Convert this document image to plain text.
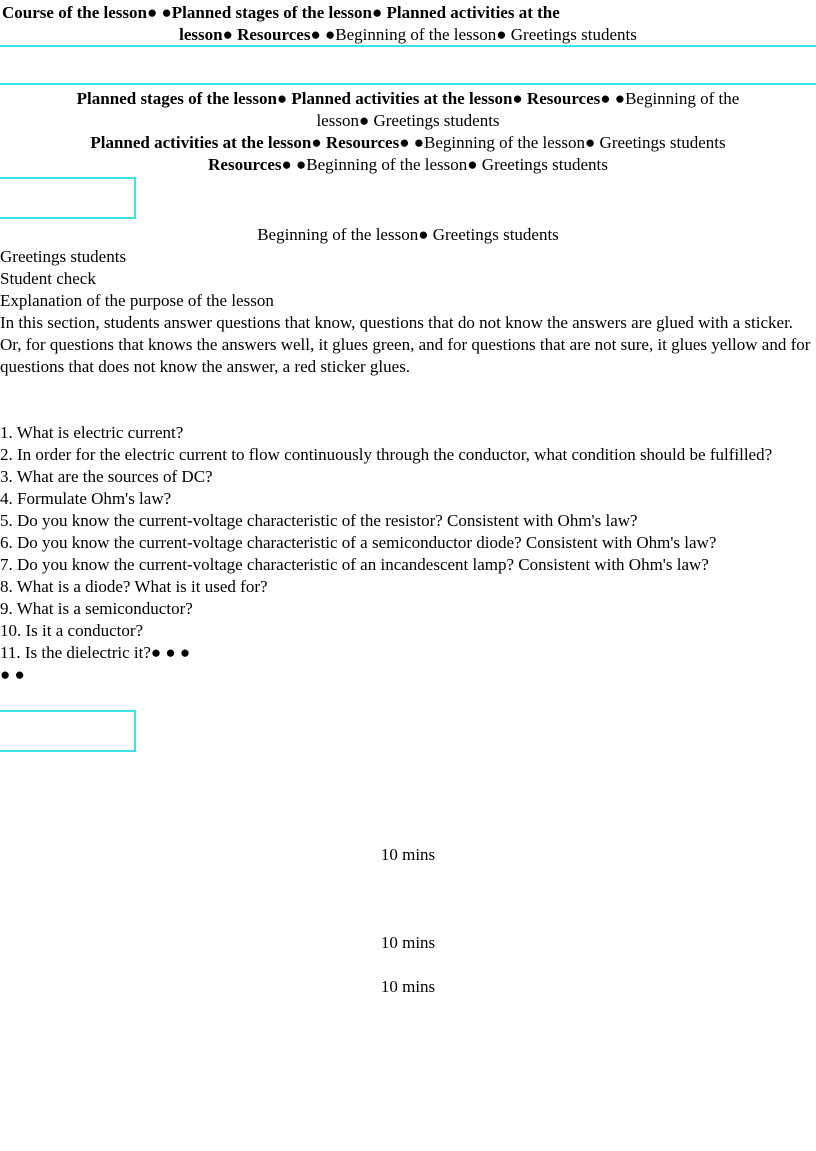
Course of the lesson● ●Planned stages of the lesson● Planned activities at the
lesson● Resources● ●Beginning of the lesson● Greetings students
Planned stages of the lesson● Planned activities at the lesson● Resources● ●Beginning of the
lesson● Greetings students
Planned activities at the lesson● Resources● ●Beginning of the lesson● Greetings students
Resources● ●Beginning of the lesson● Greetings students
Beginning of the lesson● Greetings students
Greetings students
Student check
Explanation of the purpose of the lesson
In this section, students answer questions that know, questions that do not know the answers are glued with a sticker.
Or, for questions that knows the answers well, it glues green, and for questions that are not sure, it glues yellow and for questions that does not know the answer, a red sticker glues.
1. What is electric current?
2. In order for the electric current to flow continuously through the conductor, what condition should be fulfilled?
3. What are the sources of DC?
4. Formulate Ohm's law?
5. Do you know the current-voltage characteristic of the resistor? Consistent with Ohm's law?
6. Do you know the current-voltage characteristic of a semiconductor diode? Consistent with Ohm's law?
7. Do you know the current-voltage characteristic of an incandescent lamp? Consistent with Ohm's law?
8. What is a diode? What is it used for?
9. What is a semiconductor?
10. Is it a conductor?
11. Is the dielectric it?● ● ●
● ●
10 mins
10 mins
10 mins
